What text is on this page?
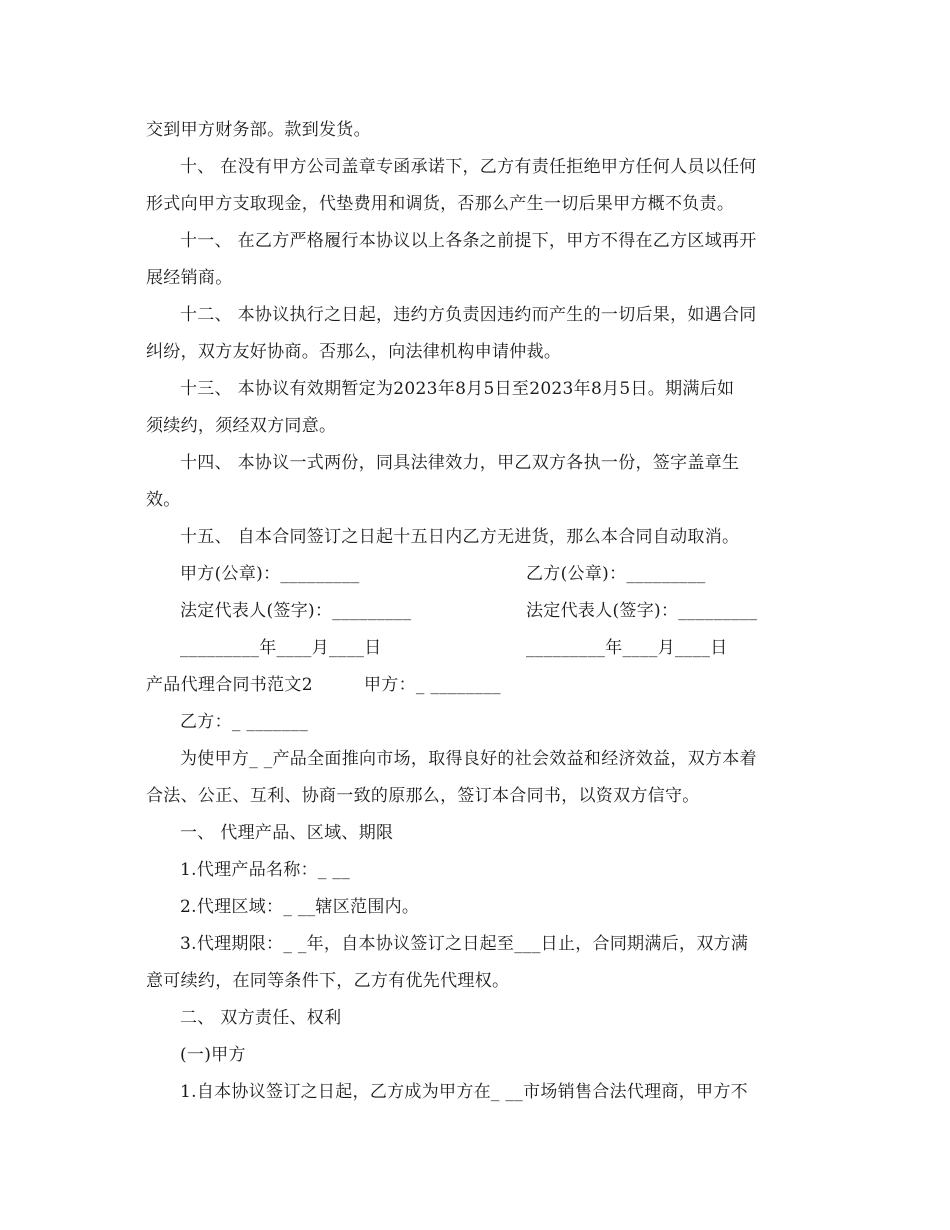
交到甲方财务部。款到发货。

十、 在没有甲方公司盖章专函承诺下，乙方有责任拒绝甲方任何人员以任何

形式向甲方支取现金，代垫费用和调货，否那么产生一切后果甲方概不负责。

十一、 在乙方严格履行本协议以上各条之前提下，甲方不得在乙方区域再开

展经销商。

十二、 本协议执行之日起，违约方负责因违约而产生的一切后果，如遇合同

纠纷，双方友好协商。否那么，向法律机构申请仲裁。

十三、 本协议有效期暂定为2023年8月5日至2023年8月5日。期满后如

须续约，须经双方同意。

十四、 本协议一式两份，同具法律效力，甲乙双方各执一份，签字盖章生

效。

十五、 自本合同签订之日起十五日内乙方无进货，那么本合同自动取消。

甲方(公章)：_________	乙方(公章)：_________

法定代表人(签字)：_________	法定代表人(签字)：_________

_________年____月____日	_________年____月____日

产品代理合同书范文2	甲方：_ ________

乙方：_ _______

为使甲方_ _产品全面推向市场，取得良好的社会效益和经济效益，双方本着

合法、公正、互利、协商一致的原那么，签订本合同书，以资双方信守。

一、 代理产品、区域、期限

1.代理产品名称：_ __

2.代理区域：_ __辖区范围内。

3.代理期限：_ _年，自本协议签订之日起至___日止，合同期满后，双方满

意可续约，在同等条件下，乙方有优先代理权。

二、 双方责任、权利

(一)甲方

1.自本协议签订之日起，乙方成为甲方在_ __市场销售合法代理商，甲方不
